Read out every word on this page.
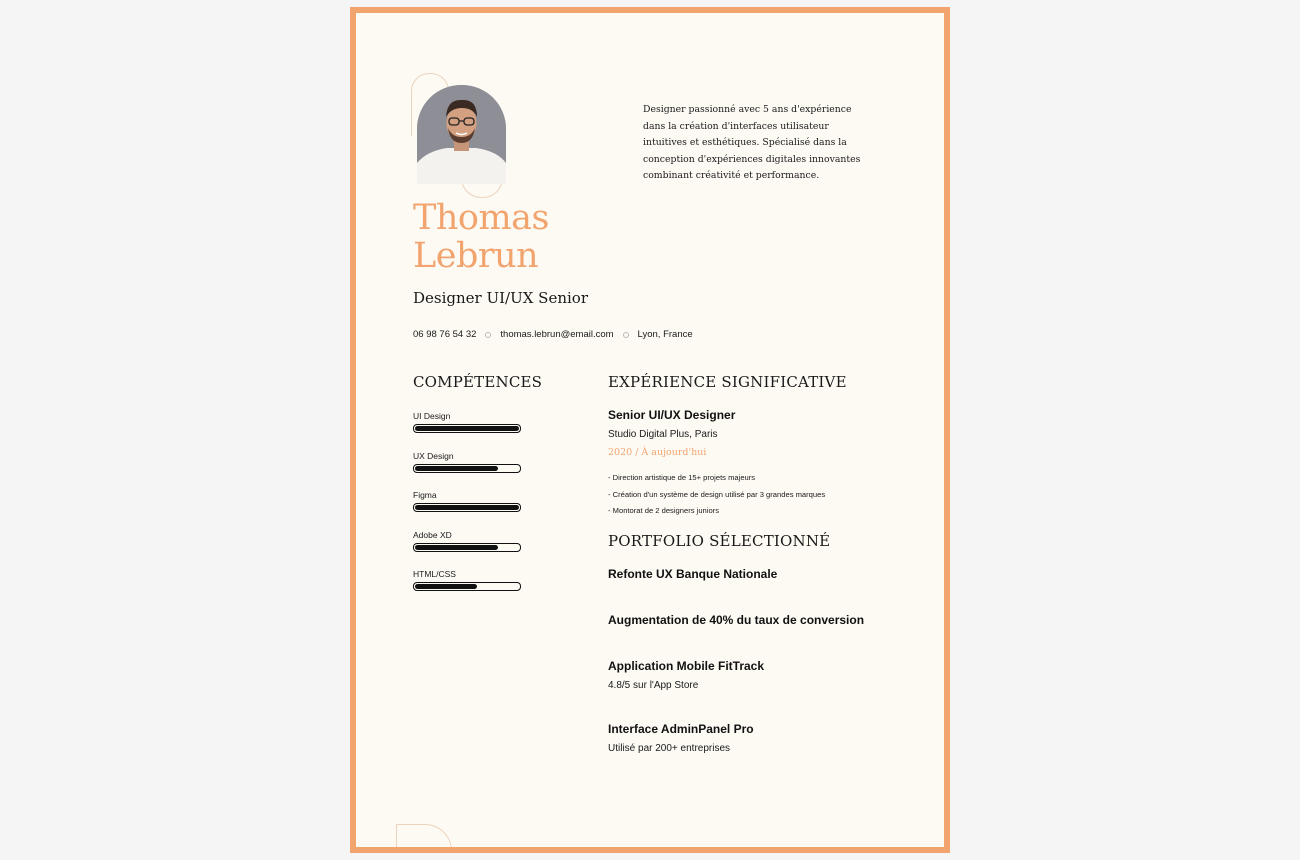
Designer passionné avec 5 ans d'expérience dans la création d'interfaces utilisateur intuitives et esthétiques. Spécialisé dans la conception d'expériences digitales innovantes combinant créativité et performance.
Thomas
Lebrun
Designer UI/UX Senior
06 98 76 54 32	thomas.lebrun@email.com	Lyon, France
COMPÉTENCES
UI Design
UX Design
Figma
Adobe XD
HTML/CSS
EXPÉRIENCE SIGNIFICATIVE
Senior UI/UX Designer
Studio Digital Plus, Paris
2020 / À aujourd'hui
- Direction artistique de 15+ projets majeurs
- Création d'un système de design utilisé par 3 grandes marques
- Montorat de 2 designers juniors
PORTFOLIO SÉLECTIONNÉ
Refonte UX Banque Nationale
Augmentation de 40% du taux de conversion
Application Mobile FitTrack
4.8/5 sur l'App Store
Interface AdminPanel Pro
Utilisé par 200+ entreprises
